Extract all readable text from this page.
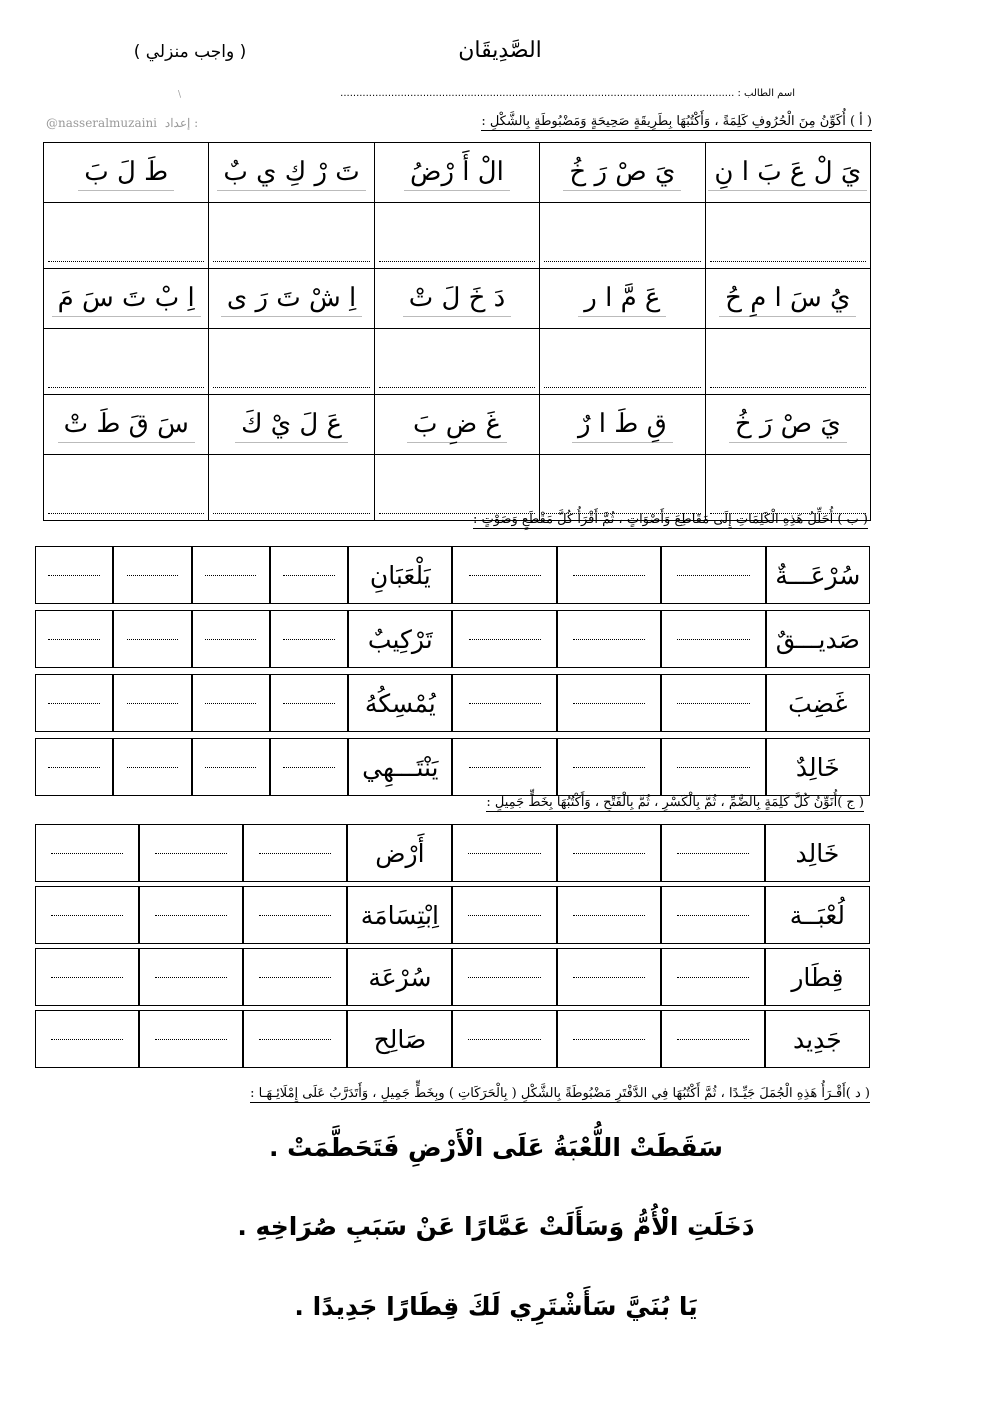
الصَّدِيقَان
( واجب منزلي )
اسم الطالب : ............................................................................................................................
\
@nasseralmuzaini إعداد :	( أ ) أُكَوِّنُ مِنَ الْحُرُوفِ كَلِمَةً ، وَأَكْتُبُهَا بِطَرِيقَةٍ صَحِيحَةٍ وَمَضْبُوطَةٍ بِالشَّكْلِ :
طَ لَ بَ	تَ رْ كِ ي بٌ	الْ أَ رْضُ	يَ صْ رَ خُ	يَ لْ عَ بَ ا نِ

اِ بْ تَ سَ مَ	اِ شْ تَ رَ ى	دَ خَ لَ تْ	عَ مَّ ا ر	يُ سَ ا مِ حُ

سَ قَ طَ تْ	عَ لَ يْ كَ	غَ ضِ بَ	قِ طَ ا رٌ	يَ صْ رَ خُ

( ب ) أُحَلِّلُ هَذِهِ الْكَلِمَاتِ إِلَى مَقَاطِعَ وَأَصْوَاتٍ ، ثُمَّ أَقْرَأُ كُلَّ مَقْطَعٍ وَصَوْتٍ :

	يَلْعَبَانِ				سُرْعَـــةٌ

	تَرْكِيبٌ				صَديـــقٌ

	يُمْسِكُهُ				غَضِبَ

	يَنْتَـــهِي				خَالِدٌ
( ج )أُنَوِّنُ كُلَّ كَلِمَةٍ بِالضَّمِّ ، ثُمَّ بِالْكَسْرِ ، ثُمَّ بِالْفَتْحِ ، وَأَكْتُبُهَا بِخَطٍّ جَمِيلٍ :

	أَرْض				خَالِد

	اِبْتِسَامَة				لُعْبَــة

	سُرْعَة				قِطَار

	صَالِح				جَدِيد
( د )أَقْـرَأُ هَذِهِ الْجُمَلَ جَيِّـدًا ، ثُمَّ أَكْتُبُهَا فِي الدَّفْتَرِ مَضْبُوطَةً بِالشَّكْلِ ( بِالْحَرَكَاتِ ) وبِخَطٍّ جَمِيلٍ ، وَأَتَدَرَّبُ عَلَى إِمْلَائِـهَـا :
سَقَطَتْ اللُّعْبَةُ عَلَى الْأَرْضِ فَتَحَطَّمَتْ .
دَخَلَتِ الْأُمُّ وَسَأَلَتْ عَمَّارًا عَنْ سَبَبِ صُرَاخِهِ .
يَا بُنَيَّ سَأَشْتَرِي لَكَ قِطَارًا جَدِيدًا .
